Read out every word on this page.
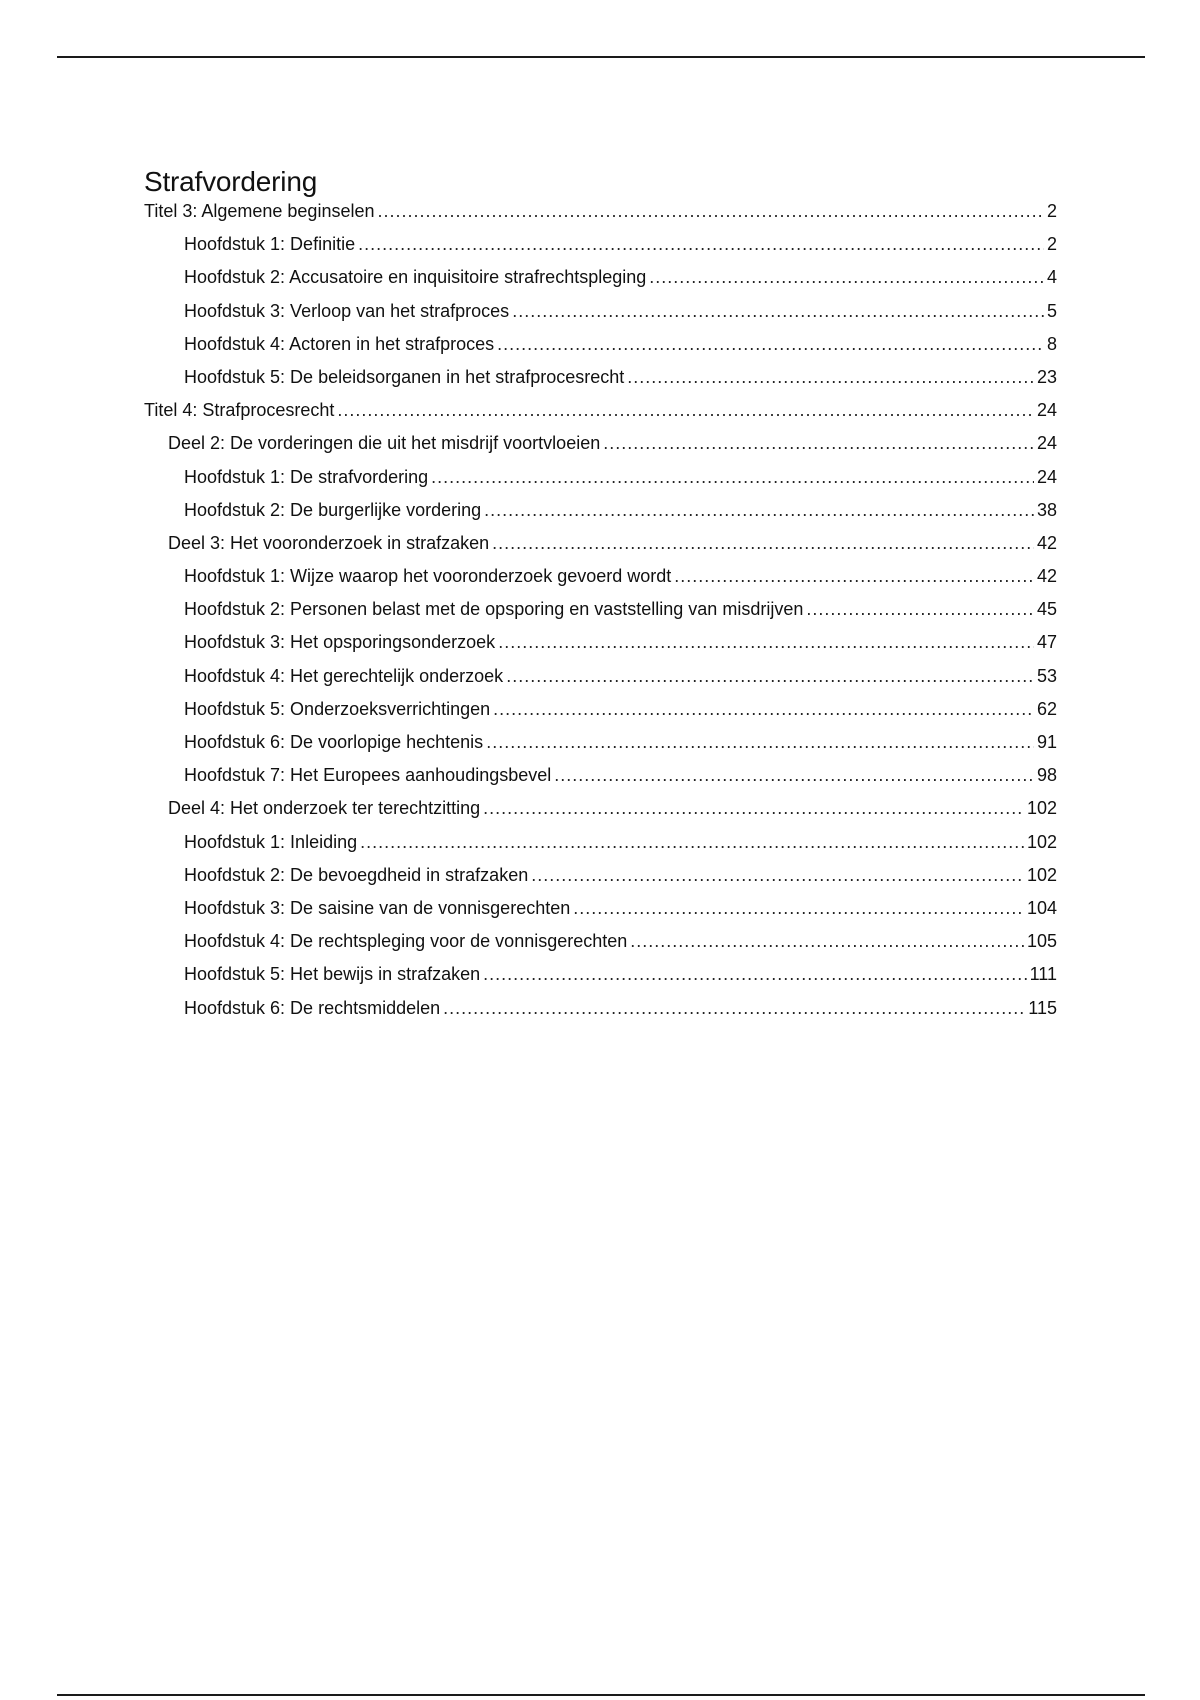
Strafvordering
Titel 3: Algemene beginselen .....	2
Hoofdstuk 1: Definitie .....	2
Hoofdstuk 2: Accusatoire en inquisitoire strafrechtspleging .....	4
Hoofdstuk 3: Verloop van het strafproces .....	5
Hoofdstuk 4: Actoren in het strafproces .....	8
Hoofdstuk 5: De beleidsorganen in het strafprocesrecht .....	23
Titel 4: Strafprocesrecht .....	24
Deel 2: De vorderingen die uit het misdrijf voortvloeien .....	24
Hoofdstuk 1: De strafvordering .....	24
Hoofdstuk 2: De burgerlijke vordering .....	38
Deel 3: Het vooronderzoek in strafzaken .....	42
Hoofdstuk 1: Wijze waarop het vooronderzoek gevoerd wordt .....	42
Hoofdstuk 2: Personen belast met de opsporing en vaststelling van misdrijven .....	45
Hoofdstuk 3: Het opsporingsonderzoek .....	47
Hoofdstuk 4: Het gerechtelijk onderzoek .....	53
Hoofdstuk 5: Onderzoeksverrichtingen .....	62
Hoofdstuk 6: De voorlopige hechtenis .....	91
Hoofdstuk 7: Het Europees aanhoudingsbevel .....	98
Deel 4: Het onderzoek ter terechtzitting .....	102
Hoofdstuk 1: Inleiding .....	102
Hoofdstuk 2: De bevoegdheid in strafzaken .....	102
Hoofdstuk 3: De saisine van de vonnisgerechten .....	104
Hoofdstuk 4: De rechtspleging voor de vonnisgerechten .....	105
Hoofdstuk 5: Het bewijs in strafzaken .....	111
Hoofdstuk 6: De rechtsmiddelen .....	115
